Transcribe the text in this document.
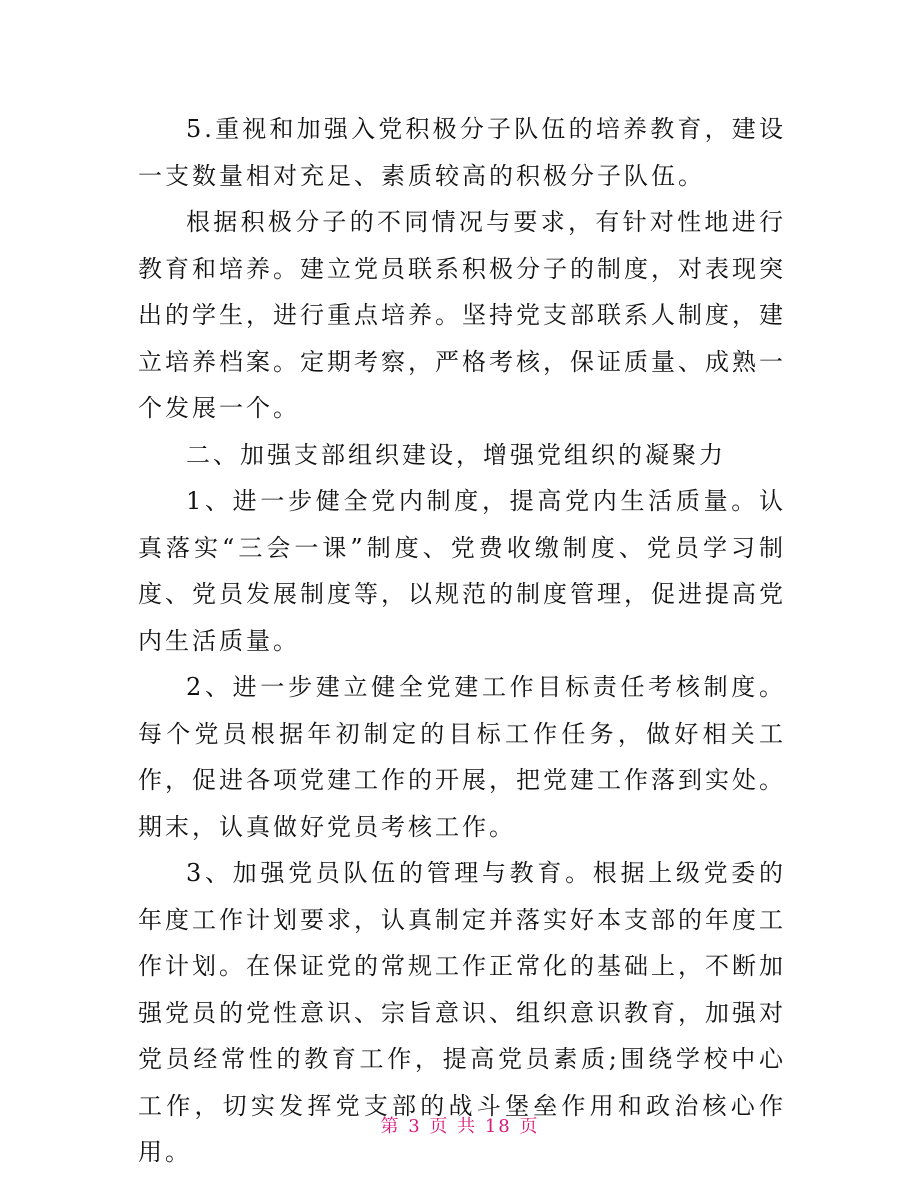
5.重视和加强入党积极分子队伍的培养教育，建设一支数量相对充足、素质较高的积极分子队伍。

根据积极分子的不同情况与要求，有针对性地进行教育和培养。建立党员联系积极分子的制度，对表现突出的学生，进行重点培养。坚持党支部联系人制度，建立培养档案。定期考察，严格考核，保证质量、成熟一个发展一个。

二、加强支部组织建设，增强党组织的凝聚力

1、进一步健全党内制度，提高党内生活质量。认真落实“三会一课”制度、党费收缴制度、党员学习制度、党员发展制度等，以规范的制度管理，促进提高党内生活质量。

2、进一步建立健全党建工作目标责任考核制度。每个党员根据年初制定的目标工作任务，做好相关工作，促进各项党建工作的开展，把党建工作落到实处。期末，认真做好党员考核工作。

3、加强党员队伍的管理与教育。根据上级党委的年度工作计划要求，认真制定并落实好本支部的年度工作计划。在保证党的常规工作正常化的基础上，不断加强党员的党性意识、宗旨意识、组织意识教育，加强对党员经常性的教育工作，提高党员素质;围绕学校中心工作，切实发挥党支部的战斗堡垒作用和政治核心作用。

第 3 页 共 18 页
